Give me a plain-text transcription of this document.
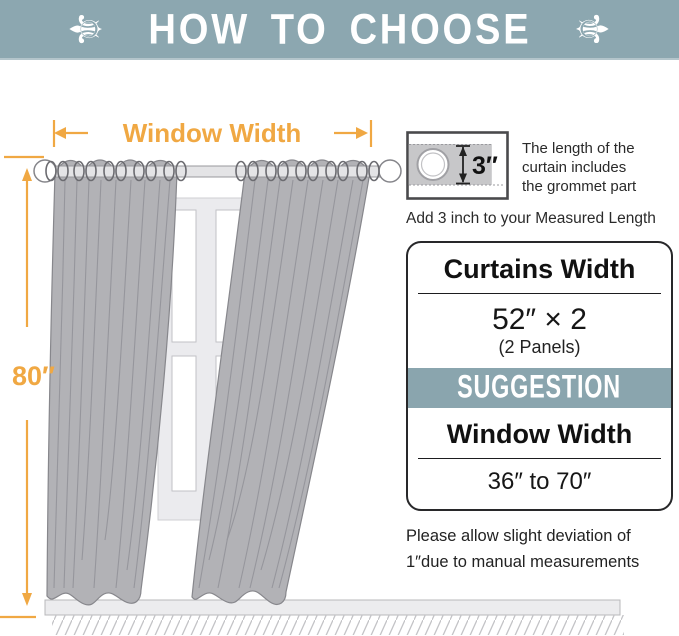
Window Width
80″
⚜ HOW TO CHOOSE ⚜
3″

The length of the
curtain includes
the grommet part

Add 3 inch to your Measured Length
Curtains Width
52″ × 2
(2 Panels)
SUGGESTION
Window Width
36″ to 70″
Please allow slight deviation of
1″due to manual measurements
